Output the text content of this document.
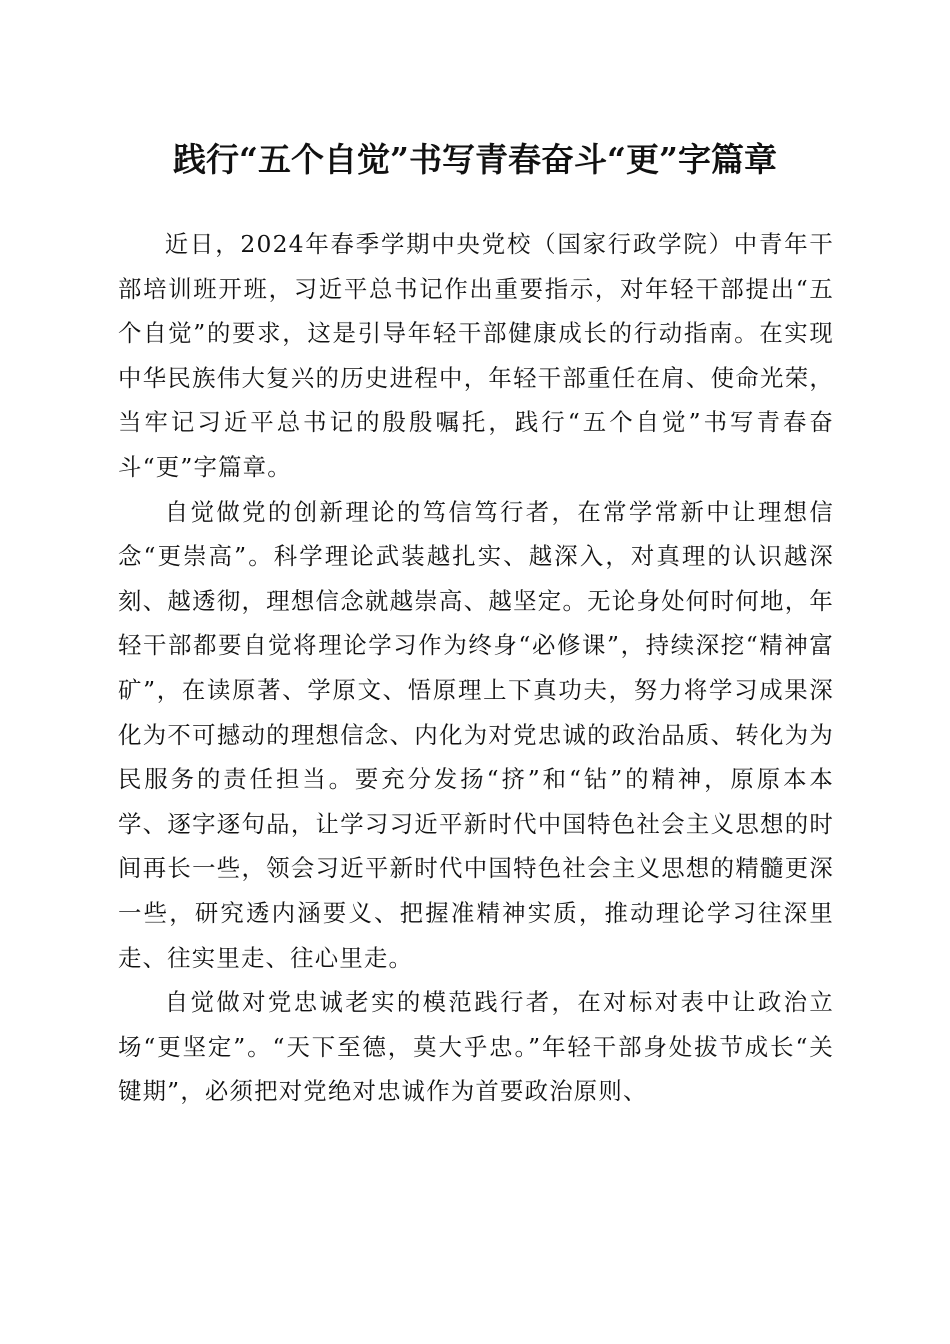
践行“五个自觉”书写青春奋斗“更”字篇章

近日，2024年春季学期中央党校（国家行政学院）中青年干部培训班开班，习近平总书记作出重要指示，对年轻干部提出“五个自觉”的要求，这是引导年轻干部健康成长的行动指南。在实现中华民族伟大复兴的历史进程中，年轻干部重任在肩、使命光荣，当牢记习近平总书记的殷殷嘱托，践行“五个自觉”书写青春奋斗“更”字篇章。

自觉做党的创新理论的笃信笃行者，在常学常新中让理想信念“更崇高”。科学理论武装越扎实、越深入，对真理的认识越深刻、越透彻，理想信念就越崇高、越坚定。无论身处何时何地，年轻干部都要自觉将理论学习作为终身“必修课”，持续深挖“精神富矿”，在读原著、学原文、悟原理上下真功夫，努力将学习成果深化为不可撼动的理想信念、内化为对党忠诚的政治品质、转化为为民服务的责任担当。要充分发扬“挤”和“钻”的精神，原原本本学、逐字逐句品，让学习习近平新时代中国特色社会主义思想的时间再长一些，领会习近平新时代中国特色社会主义思想的精髓更深一些，研究透内涵要义、把握准精神实质，推动理论学习往深里走、往实里走、往心里走。

自觉做对党忠诚老实的模范践行者，在对标对表中让政治立场“更坚定”。“天下至德，莫大乎忠。”年轻干部身处拔节成长“关键期”，必须把对党绝对忠诚作为首要政治原则、
